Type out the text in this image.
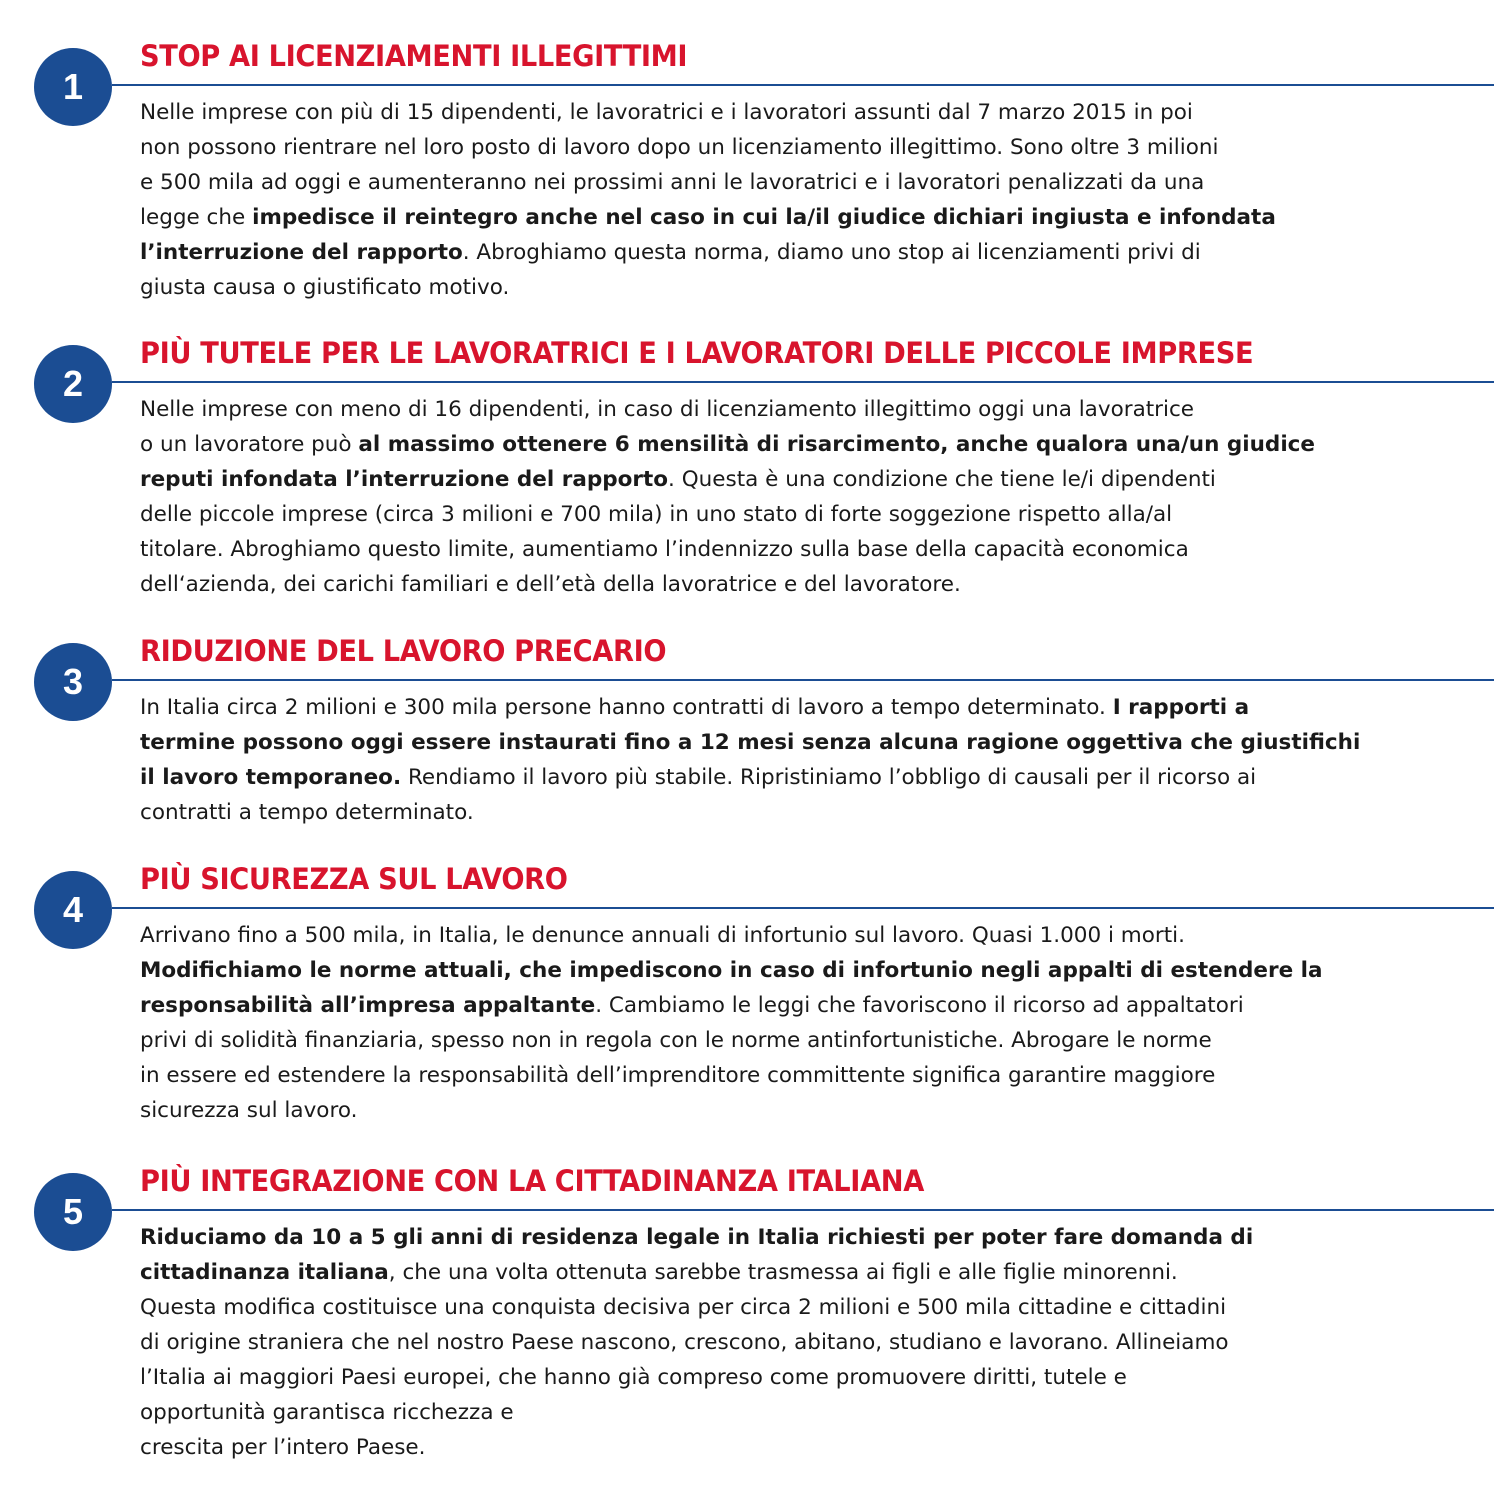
1
STOP AI LICENZIAMENTI ILLEGITTIMI

Nelle imprese con più di 15 dipendenti, le lavoratrici e i lavoratori assunti dal 7 marzo 2015 in poi
non possono rientrare nel loro posto di lavoro dopo un licenziamento illegittimo. Sono oltre 3 milioni
e 500 mila ad oggi e aumenteranno nei prossimi anni le lavoratrici e i lavoratori penalizzati da una
legge che impedisce il reintegro anche nel caso in cui la/il giudice dichiari ingiusta e infondata
l’interruzione del rapporto. Abroghiamo questa norma, diamo uno stop ai licenziamenti privi di
giusta causa o giustificato motivo.

2
PIÙ TUTELE PER LE LAVORATRICI E I LAVORATORI DELLE PICCOLE IMPRESE

Nelle imprese con meno di 16 dipendenti, in caso di licenziamento illegittimo oggi una lavoratrice
o un lavoratore può al massimo ottenere 6 mensilità di risarcimento, anche qualora una/un giudice
reputi infondata l’interruzione del rapporto. Questa è una condizione che tiene le/i dipendenti
delle piccole imprese (circa 3 milioni e 700 mila) in uno stato di forte soggezione rispetto alla/al
titolare. Abroghiamo questo limite, aumentiamo l’indennizzo sulla base della capacità economica
dell‘azienda, dei carichi familiari e dell’età della lavoratrice e del lavoratore.

3
RIDUZIONE DEL LAVORO PRECARIO

In Italia circa 2 milioni e 300 mila persone hanno contratti di lavoro a tempo determinato. I rapporti a
termine possono oggi essere instaurati fino a 12 mesi senza alcuna ragione oggettiva che giustifichi
il lavoro temporaneo. Rendiamo il lavoro più stabile. Ripristiniamo l’obbligo di causali per il ricorso ai
contratti a tempo determinato.

4
PIÙ SICUREZZA SUL LAVORO

Arrivano fino a 500 mila, in Italia, le denunce annuali di infortunio sul lavoro. Quasi 1.000 i morti.
Modifichiamo le norme attuali, che impediscono in caso di infortunio negli appalti di estendere la
responsabilità all’impresa appaltante. Cambiamo le leggi che favoriscono il ricorso ad appaltatori
privi di solidità finanziaria, spesso non in regola con le norme antinfortunistiche. Abrogare le norme
in essere ed estendere la responsabilità dell’imprenditore committente significa garantire maggiore
sicurezza sul lavoro.

5
PIÙ INTEGRAZIONE CON LA CITTADINANZA ITALIANA

Riduciamo da 10 a 5 gli anni di residenza legale in Italia richiesti per poter fare domanda di
cittadinanza italiana, che una volta ottenuta sarebbe trasmessa ai figli e alle figlie minorenni.
Questa modifica costituisce una conquista decisiva per circa 2 milioni e 500 mila cittadine e cittadini
di origine straniera che nel nostro Paese nascono, crescono, abitano, studiano e lavorano. Allineiamo
l’Italia ai maggiori Paesi europei, che hanno già compreso come promuovere diritti, tutele e
opportunità garantisca ricchezza e
crescita per l’intero Paese.
